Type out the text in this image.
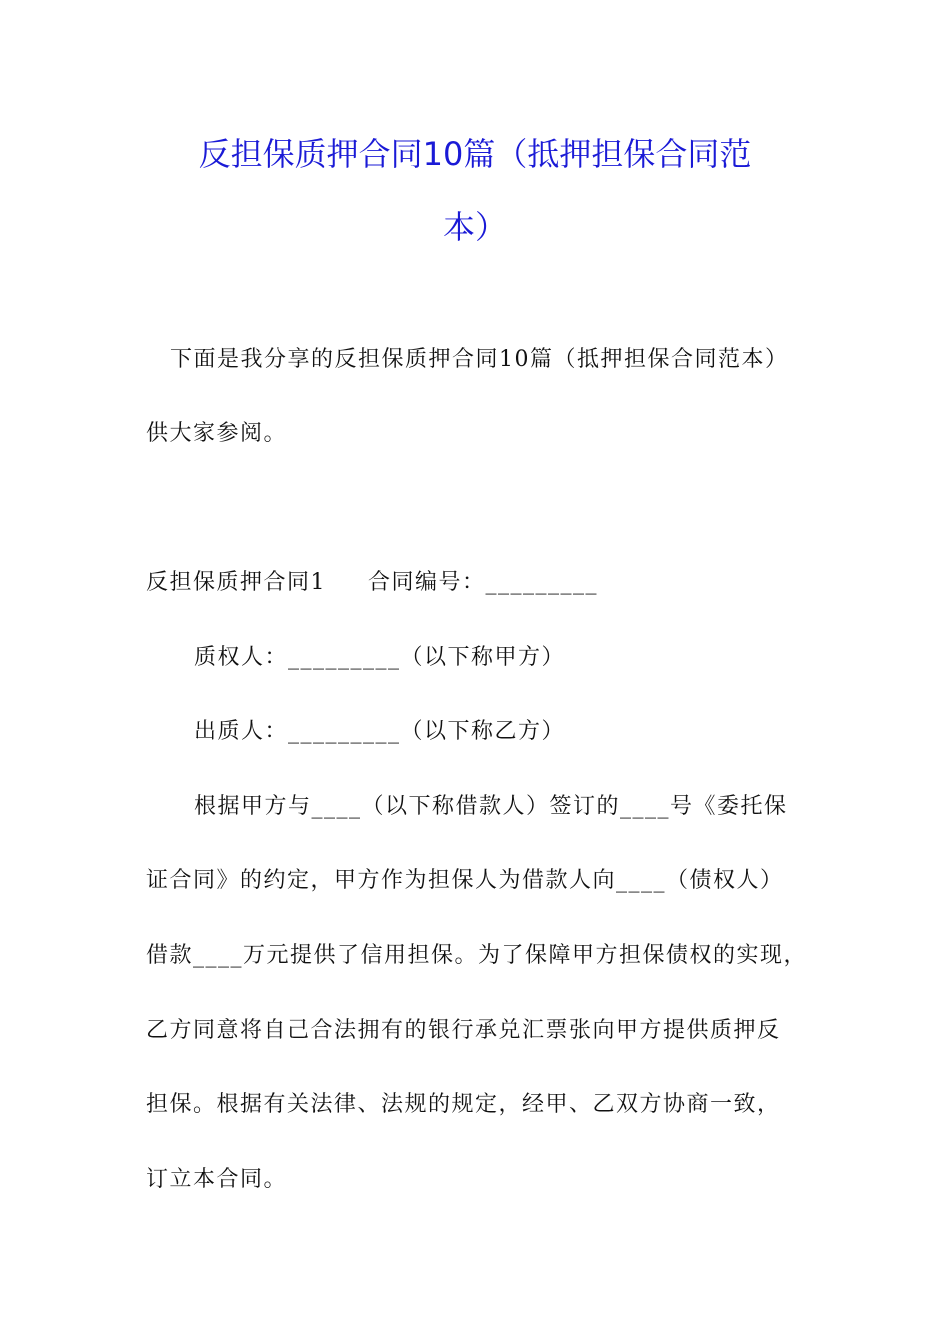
反担保质押合同10篇（抵押担保合同范
本）
下面是我分享的反担保质押合同10篇（抵押担保合同范本）
供大家参阅。
反担保质押合同1 合同编号：_________
质权人：_________（以下称甲方）
出质人：_________（以下称乙方）
根据甲方与____（以下称借款人）签订的____号《委托保
证合同》的约定，甲方作为担保人为借款人向____（债权人）
借款____万元提供了信用担保。为了保障甲方担保债权的实现，
乙方同意将自己合法拥有的银行承兑汇票张向甲方提供质押反
担保。根据有关法律、法规的规定，经甲、乙双方协商一致，
订立本合同。
